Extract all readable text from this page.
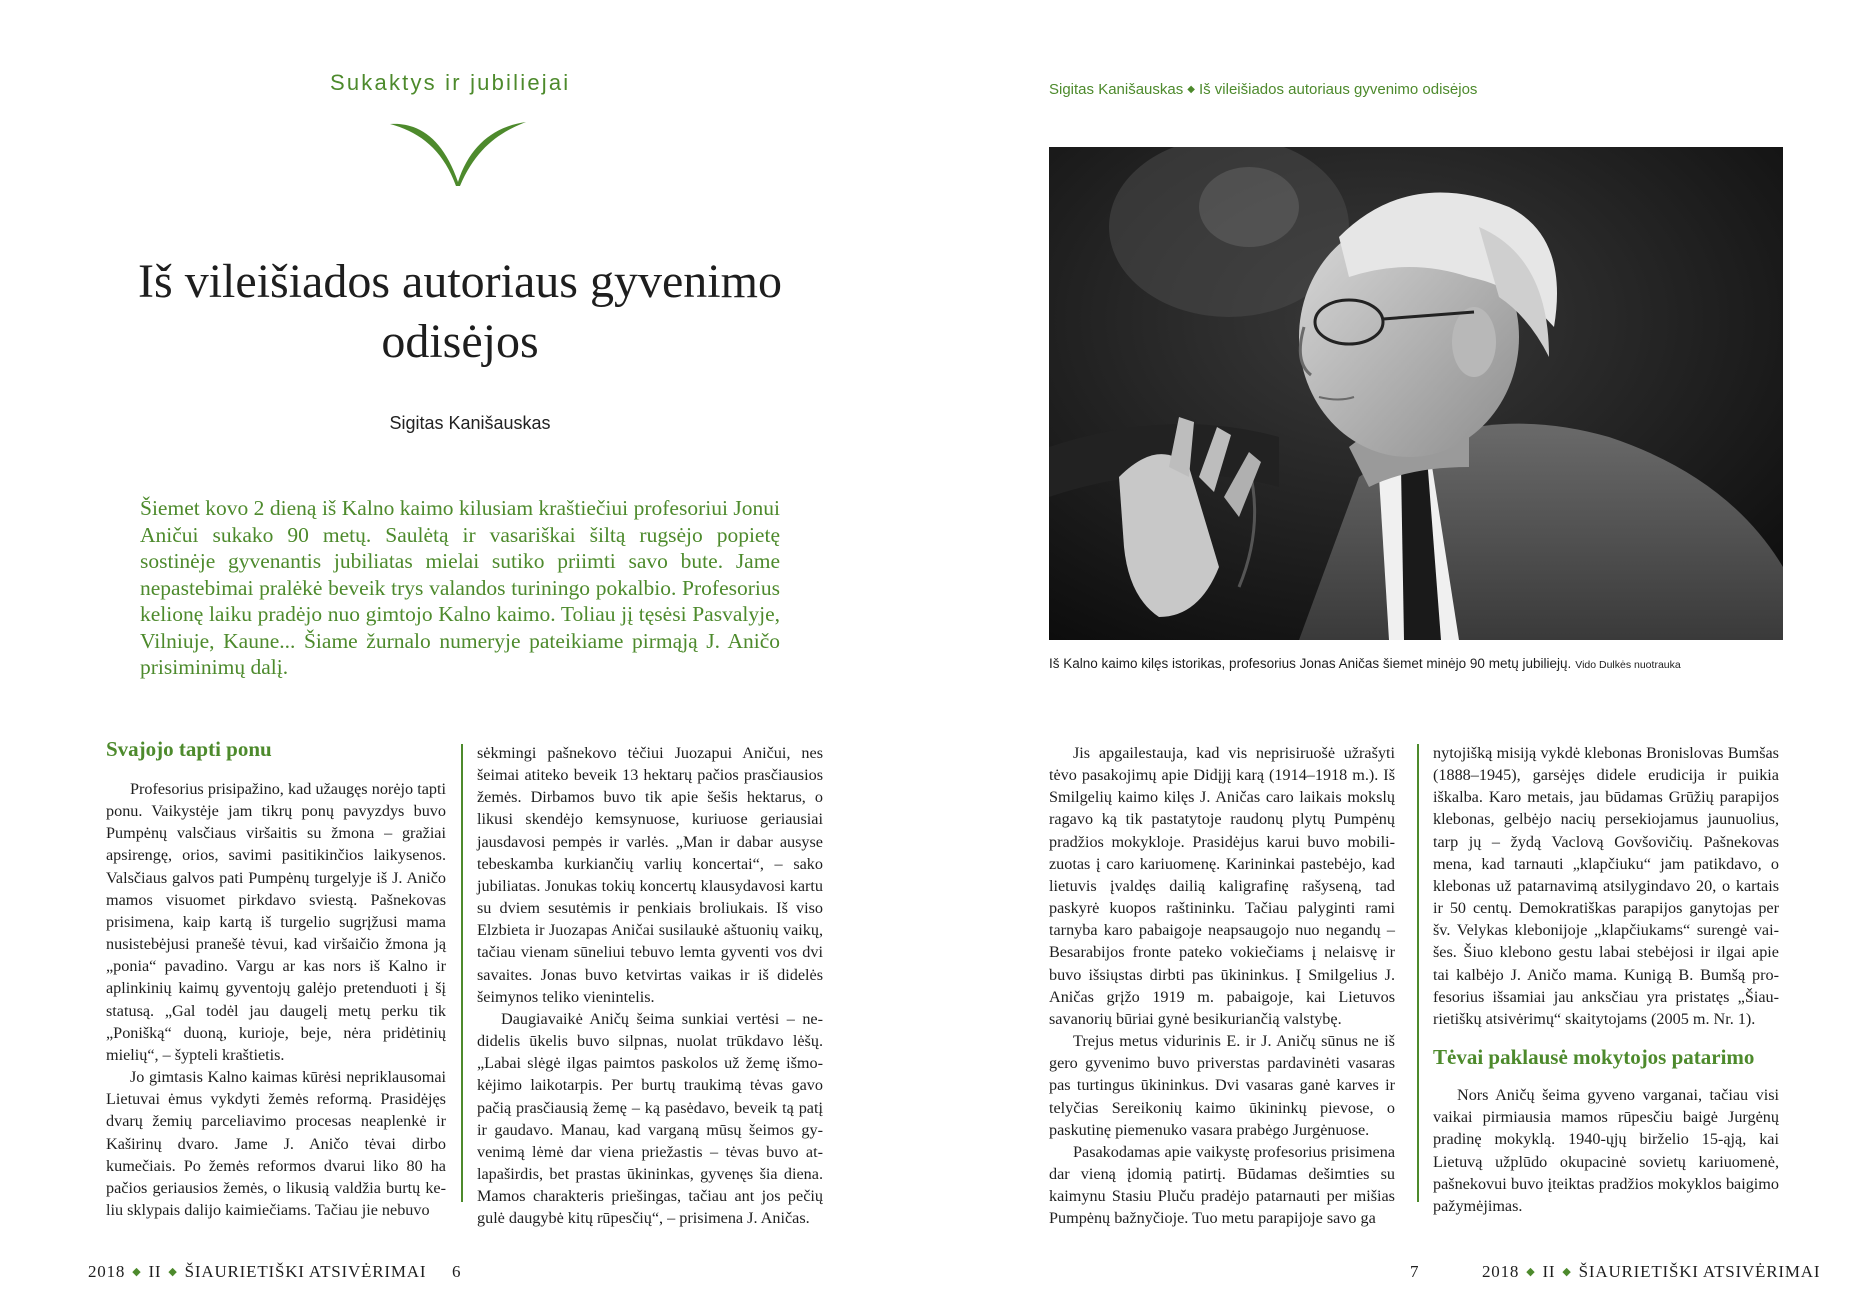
Sukaktys ir jubiliejai
Iš vileišiados autoriaus gyvenimo
odisėjos
Sigitas Kanišauskas
Šiemet kovo 2 dieną iš Kalno kaimo kilusiam kraštiečiui profesoriui Jonui Aničui sukako 90 metų. Saulėtą ir vasariškai šiltą rugsėjo popietę sostinėje gyvenantis jubiliatas mielai sutiko priimti savo bute. Jame nepastebimai pralėkė beveik trys valandos turiningo pokalbio. Profesorius kelionę laiku pradėjo nuo gimtojo Kalno kaimo. Toliau jį tęsėsi Pasvalyje, Vilniuje, Kaune... Šiame žurnalo numeryje pateikiame pirmąją J. Aničo prisiminimų dalį.
Svajojo tapti ponu

Profesorius prisipažino, kad užaugęs norėjo tapti ponu. Vaikystėje jam tikrų ponų pavyzdys buvo Pumpėnų valsčiaus viršaitis su žmona – gražiai apsirengę, orios, savimi pasitikinčios laikysenos. Valsčiaus galvos pati Pumpėnų turgelyje iš J. Aničo mamos visuomet pirkdavo sviestą. Pašnekovas prisimena, kaip kartą iš turgelio sugrįžusi mama nusistebėjusi pranešė tėvui, kad viršaičio žmona ją „ponia“ pavadino. Vargu ar kas nors iš Kalno ir aplinkinių kaimų gyventojų galėjo pretenduoti į šį statusą. „Gal todėl jau daugelį metų perku tik „Ponišką“ duoną, kurioje, beje, nėra pridėtinių mielių“, – šypteli kraštietis.

Jo gimtasis Kalno kaimas kūrėsi nepriklausomai Lietuvai ėmus vykdyti žemės reformą. Prasidėjęs dvarų žemių parceliavimo procesas neaplenkė ir Kaširinų dvaro. Jame J. Aničo tėvai dirbo kumečiais. Po žemės reformos dvarui liko 80 ha pačios geriausios žemės, o likusią valdžia burtų keliu sklypais dalijo kaimiečiams. Tačiau jie nebuvo

sėkmingi pašnekovo tėčiui Juozapui Aničui, nes šeimai atiteko beveik 13 hektarų pačios prasčiausios žemės. Dirbamos buvo tik apie šešis hektarus, o likusi skendėjo kemsynuose, kuriuose geriausiai jausdavosi pempės ir varlės. „Man ir dabar ausyse tebeskamba kurkiančių varlių koncertai“, – sako jubiliatas. Jonukas tokių koncertų klausydavosi kartu su dviem sesutėmis ir penkiais broliukais. Iš viso Elzbieta ir Juozapas Aničai susilaukė aštuonių vaikų, tačiau vienam sūneliui tebuvo lemta gyventi vos dvi savaites. Jonas buvo ketvirtas vaikas ir iš didelės šeimynos teliko vienintelis.

Daugiavaikė Aničų šeima sunkiai vertėsi – nedidelis ūkelis buvo silpnas, nuolat trūkdavo lėšų. „Labai slėgė ilgas paimtos paskolos už žemę išmokėjimo laikotarpis. Per burtų traukimą tėvas gavo pačią prasčiausią žemę – ką pasėdavo, beveik tą patį ir gaudavo. Manau, kad varganą mūsų šeimos gyvenimą lėmė dar viena priežastis – tėvas buvo atlapaširdis, bet prastas ūkininkas, gyvenęs šia diena. Mamos charakteris priešingas, tačiau ant jos pečių gulė daugybė kitų rūpesčių“, – prisimena J. Aničas.

2018 ◆ II ◆ ŠIAURIETIŠKI ATSIVĖRIMAI 6
Sigitas Kanišauskas ◆ Iš vileišiados autoriaus gyvenimo odisėjos
Iš Kalno kaimo kilęs istorikas, profesorius Jonas Aničas šiemet minėjo 90 metų jubiliejų. Vido Dulkės nuotrauka

Jis apgailestauja, kad vis neprisiruošė užrašyti tėvo pasakojimų apie Didįjį karą (1914–1918 m.). Iš Smilgelių kaimo kilęs J. Aničas caro laikais mokslų ragavo ką tik pastatytoje raudonų plytų Pumpėnų pradžios mokykloje. Prasidėjus karui buvo mobilizuotas į caro kariuomenę. Karininkai pastebėjo, kad lietuvis įvaldęs dailią kaligrafinę rašyseną, tad paskyrė kuopos raštininku. Tačiau palyginti rami tarnyba karo pabaigoje neapsaugojo nuo negandų – Besarabijos fronte pateko vokiečiams į nelaisvę ir buvo išsiųstas dirbti pas ūkininkus. Į Smilgelius J. Aničas grįžo 1919 m. pabaigoje, kai Lietuvos savanorių būriai gynė besikuriančią valstybę.

Trejus metus vidurinis E. ir J. Aničų sūnus ne iš gero gyvenimo buvo priverstas pardavinėti vasaras pas turtingus ūkininkus. Dvi vasaras ganė karves ir telyčias Sereikonių kaimo ūkininkų pievose, o paskutinę piemenuko vasara prabėgo Jurgėnuose.

Pasakodamas apie vaikystę profesorius prisimena dar vieną įdomią patirtį. Būdamas dešimties su kaimynu Stasiu Pluču pradėjo patarnauti per mišias Pumpėnų bažnyčioje. Tuo metu parapijoje savo ga

nytojišką misiją vykdė klebonas Bronislovas Bumšas (1888–1945), garsėjęs didele erudicija ir puikia iškalba. Karo metais, jau būdamas Grūžių parapijos klebonas, gelbėjo nacių persekiojamus jaunuolius, tarp jų – žydą Vaclovą Govšovičių. Pašnekovas mena, kad tarnauti „klapčiuku“ jam patikdavo, o klebonas už patarnavimą atsilygindavo 20, o kartais ir 50 centų. Demokratiškas parapijos ganytojas per šv. Velykas klebonijoje „klapčiukams“ surengė vaišes. Šiuo klebono gestu labai stebėjosi ir ilgai apie tai kalbėjo J. Aničo mama. Kunigą B. Bumšą profesorius išsamiai jau anksčiau yra pristatęs „Šiaurietiškų atsivėrimų“ skaitytojams (2005 m. Nr. 1).

Tėvai paklausė mokytojos patarimo

Nors Aničų šeima gyveno varganai, tačiau visi vaikai pirmiausia mamos rūpesčiu baigė Jurgėnų pradinę mokyklą. 1940-ųjų birželio 15-ąją, kai Lietuvą užplūdo okupacinė sovietų kariuomenė, pašnekovui buvo įteiktas pradžios mokyklos baigimo pažymėjimas.

7	2018 ◆ II ◆ ŠIAURIETIŠKI ATSIVĖRIMAI
